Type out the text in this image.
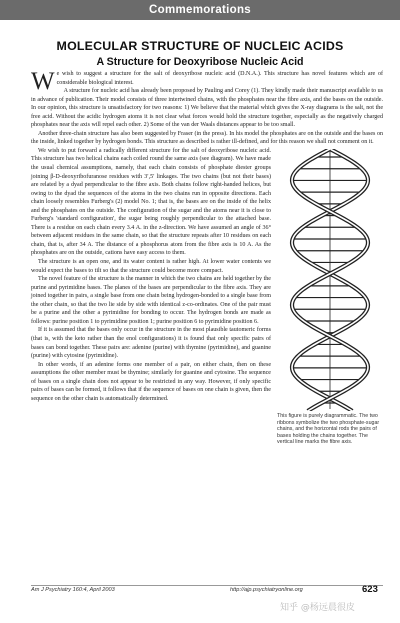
Commemorations
MOLECULAR STRUCTURE OF NUCLEIC ACIDS
A Structure for Deoxyribose Nucleic Acid

We wish to suggest a structure for the salt of deoxyribose nucleic acid (D.N.A.). This structure has novel features which are of considerable biological interest.

A structure for nucleic acid has already been proposed by Pauling and Corey (1). They kindly made their manuscript available to us in advance of publication. Their model consists of three intertwined chains, with the phosphates near the fibre axis, and the bases on the outside. In our opinion, this structure is unsatisfactory for two reasons: 1) We believe that the material which gives the X-ray diagrams is the salt, not the free acid. Without the acidic hydrogen atoms it is not clear what forces would hold the structure together, especially as the negatively charged phosphates near the axis will repel each other. 2) Some of the van der Waals distances appear to be too small.

Another three-chain structure has also been suggested by Fraser (in the press). In his model the phosphates are on the outside and the bases on the inside, linked together by hydrogen bonds. This structure as described is rather ill-defined, and for this reason we shall not comment on it.

This figure is purely diagrammatic. The two ribbons symbolize the two phosphate-sugar chains, and the horizontal rods the pairs of bases holding the chains together. The vertical line marks the fibre axis.

We wish to put forward a radically different structure for the salt of deoxyribose nucleic acid. This structure has two helical chains each coiled round the same axis (see diagram). We have made the usual chemical assumptions, namely, that each chain consists of phosphate diester groups joining β-D-deoxyribofuranose residues with 3′,5′ linkages. The two chains (but not their bases) are related by a dyad perpendicular to the fibre axis. Both chains follow right-handed helices, but owing to the dyad the sequences of the atoms in the two chains run in opposite directions. Each chain loosely resembles Furberg's (2) model No. 1; that is, the bases are on the inside of the helix and the phosphates on the outside. The configuration of the sugar and the atoms near it is close to Furberg's 'standard configuration', the sugar being roughly perpendicular to the attached base. There is a residue on each chain every 3.4 A. in the z-direction. We have assumed an angle of 36° between adjacent residues in the same chain, so that the structure repeats after 10 residues on each chain, that is, after 34 A. The distance of a phosphorus atom from the fibre axis is 10 A. As the phosphates are on the outside, cations have easy access to them.

The structure is an open one, and its water content is rather high. At lower water contents we would expect the bases to tilt so that the structure could become more compact.

The novel feature of the structure is the manner in which the two chains are held together by the purine and pyrimidine bases. The planes of the bases are perpendicular to the fibre axis. They are joined together in pairs, a single base from one chain being hydrogen-bonded to a single base from the other chain, so that the two lie side by side with identical z-co-ordinates. One of the pair must be a purine and the other a pyrimidine for bonding to occur. The hydrogen bonds are made as follows: purine position 1 to pyrimidine position 1; purine position 6 to pyrimidine position 6.

If it is assumed that the bases only occur in the structure in the most plausible tautomeric forms (that is, with the keto rather than the enol configurations) it is found that only specific pairs of bases can bond together. These pairs are: adenine (purine) with thymine (pyrimidine), and guanine (purine) with cytosine (pyrimidine).

In other words, if an adenine forms one member of a pair, on either chain, then on these assumptions the other member must be thymine; similarly for guanine and cytosine. The sequence of bases on a single chain does not appear to be restricted in any way. However, if only specific pairs of bases can be formed, it follows that if the sequence of bases on one chain is given, then the sequence on the other chain is automatically determined.

Am J Psychiatry 160:4, April 2003	http://ajp.psychiatryonline.org	623
知乎 @杨远晨很皮
